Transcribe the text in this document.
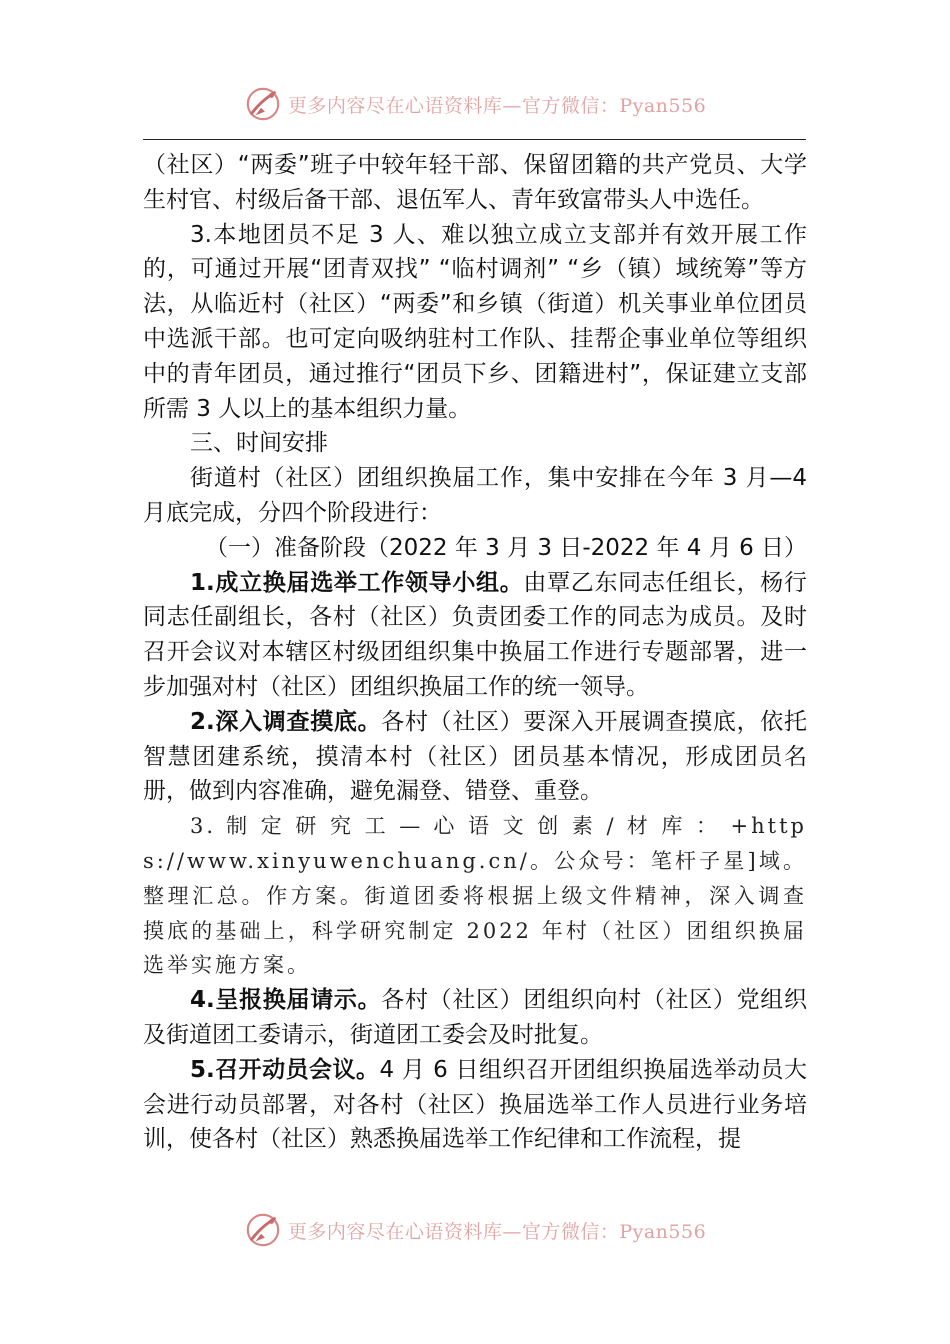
更多内容尽在心语资料库—官方微信：Pyan556

（社区）“两委”班子中较年轻干部、保留团籍的共产党员、大学生村官、村级后备干部、退伍军人、青年致富带头人中选任。

3.本地团员不足 3 人、难以独立成立支部并有效开展工作的，可通过开展“团青双找” “临村调剂” “乡（镇）域统筹”等方法，从临近村（社区）“两委”和乡镇（街道）机关事业单位团员中选派干部。也可定向吸纳驻村工作队、挂帮企事业单位等组织中的青年团员，通过推行“团员下乡、团籍进村”，保证建立支部所需 3 人以上的基本组织力量。

三、时间安排

街道村（社区）团组织换届工作，集中安排在今年 3 月—4 月底完成，分四个阶段进行：

（一）准备阶段（2022 年 3 月 3 日-2022 年 4 月 6 日）

1.成立换届选举工作领导小组。由覃乙东同志任组长，杨行同志任副组长，各村（社区）负责团委工作的同志为成员。及时召开会议对本辖区村级团组织集中换届工作进行专题部署，进一步加强对村（社区）团组织换届工作的统一领导。

2.深入调查摸底。各村（社区）要深入开展调查摸底，依托智慧团建系统，摸清本村（社区）团员基本情况，形成团员名册，做到内容准确，避免漏登、错登、重登。

3. 制 定 研 究 工 — 心 语 文 创 素 / 材 库 ： +https://www.xinyuwenchuang.cn/。公众号：笔杆子星]域。整理汇总。作方案。街道团委将根据上级文件精神，深入调查摸底的基础上，科学研究制定 2022 年村（社区）团组织换届选举实施方案。

4.呈报换届请示。各村（社区）团组织向村（社区）党组织及街道团工委请示，街道团工委会及时批复。

5.召开动员会议。4 月 6 日组织召开团组织换届选举动员大会进行动员部署，对各村（社区）换届选举工作人员进行业务培训，使各村（社区）熟悉换届选举工作纪律和工作流程，提

更多内容尽在心语资料库—官方微信：Pyan556
